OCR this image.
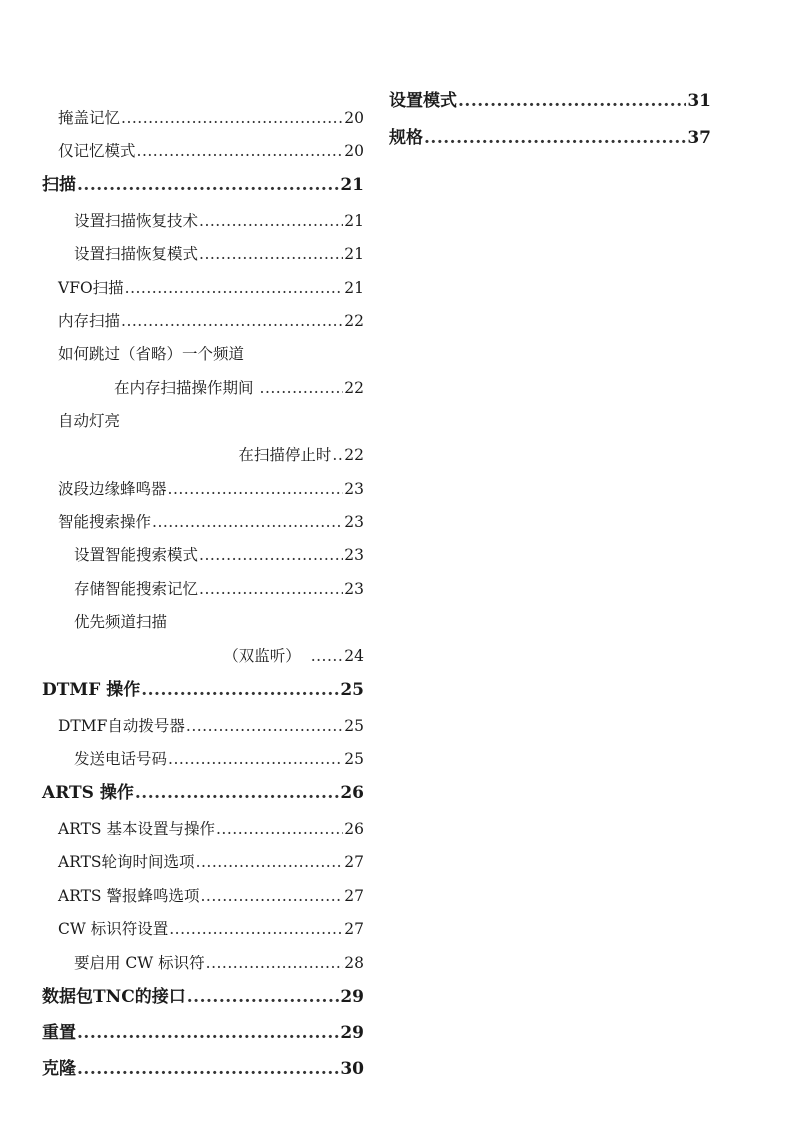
掩盖记忆 .....	20
仅记忆模式 .....	20
扫描 .....	21
设置扫描恢复技术 .....	21
设置扫描恢复模式 .....	21
VFO扫描 .....	21
内存扫描 .....	22
如何跳过（省略）一个频道
在内存扫描操作期间 .....	22
自动灯亮
在扫描停止时 .. 22
波段边缘蜂鸣器 .....	23
智能搜索操作 .....	23
设置智能搜索模式 .....	23
存储智能搜索记忆 .....	23
优先频道扫描
（双监听） ......	24
DTMF 操作 .....	25
DTMF自动拨号器 .....	25
发送电话号码 .....	25
ARTS 操作 .....	26
ARTS 基本设置与操作 .....	26
ARTS轮询时间选项 .....	27
ARTS 警报蜂鸣选项 .....	27
CW 标识符设置 .....	27
要启用 CW 标识符 .....	28
数据包TNC的接口 .....	29
重置 .....	29
克隆 .....	30
设置模式 .....	31
规格 .....	37
